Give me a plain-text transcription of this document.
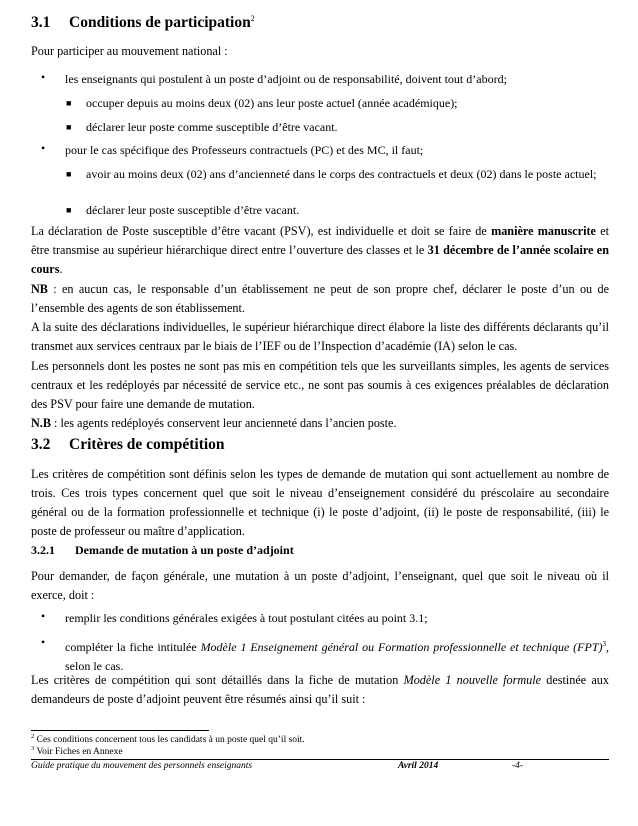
3.1 Conditions de participation$^2$

Pour participer au mouvement national :

• les enseignants qui postulent à un poste d’adjoint ou de responsabilité, doivent tout d’abord;
■ occuper depuis au moins deux (02) ans leur poste actuel (année académique);
■ déclarer leur poste comme susceptible d’être vacant.
• pour le cas spécifique des Professeurs contractuels (PC) et des MC, il faut;
■ avoir au moins deux (02) ans d’ancienneté dans le corps des contractuels et deux (02) dans le poste actuel;
■ déclarer leur poste susceptible d’être vacant.

La déclaration de Poste susceptible d’être vacant (PSV), est individuelle et doit se faire de manière manuscrite et être transmise au supérieur hiérarchique direct entre l’ouverture des classes et le 31 décembre de l’année scolaire en cours.

NB : en aucun cas, le responsable d’un établissement ne peut de son propre chef, déclarer le poste d’un ou de l’ensemble des agents de son établissement.

A la suite des déclarations individuelles, le supérieur hiérarchique direct élabore la liste des différents déclarants qu’il transmet aux services centraux par le biais de l’IEF ou de l’Inspection d’académie (IA) selon le cas.

Les personnels dont les postes ne sont pas mis en compétition tels que les surveillants simples, les agents de services centraux et les redéployés par nécessité de service etc., ne sont pas soumis à ces exigences préalables de déclaration des PSV pour faire une demande de mutation.

N.B : les agents redéployés conservent leur ancienneté dans l’ancien poste.

3.2 Critères de compétition

Les critères de compétition sont définis selon les types de demande de mutation qui sont actuellement au nombre de trois. Ces trois types concernent quel que soit le niveau d’enseignement considéré du préscolaire au secondaire général ou de la formation professionnelle et technique (i) le poste d’adjoint, (ii) le poste de responsabilité, (iii) le poste de professeur ou maître d’application.

3.2.1 Demande de mutation à un poste d’adjoint

Pour demander, de façon générale, une mutation à un poste d’adjoint, l’enseignant, quel que soit le niveau où il exerce, doit :

• remplir les conditions générales exigées à tout postulant citées au point 3.1;
• compléter la fiche intitulée Modèle 1 Enseignement général ou Formation professionnelle et technique (FPT)$^3$, selon le cas.

Les critères de compétition qui sont détaillés dans la fiche de mutation Modèle 1 nouvelle formule destinée aux demandeurs de poste d’adjoint peuvent être résumés ainsi qu’il suit :

$^2$ Ces conditions concernent tous les candidats à un poste quel qu’il soit.
$^3$ Voir Fiches en Annexe
Guide pratique du mouvement des personnels enseignants	Avril 2014	-4-
